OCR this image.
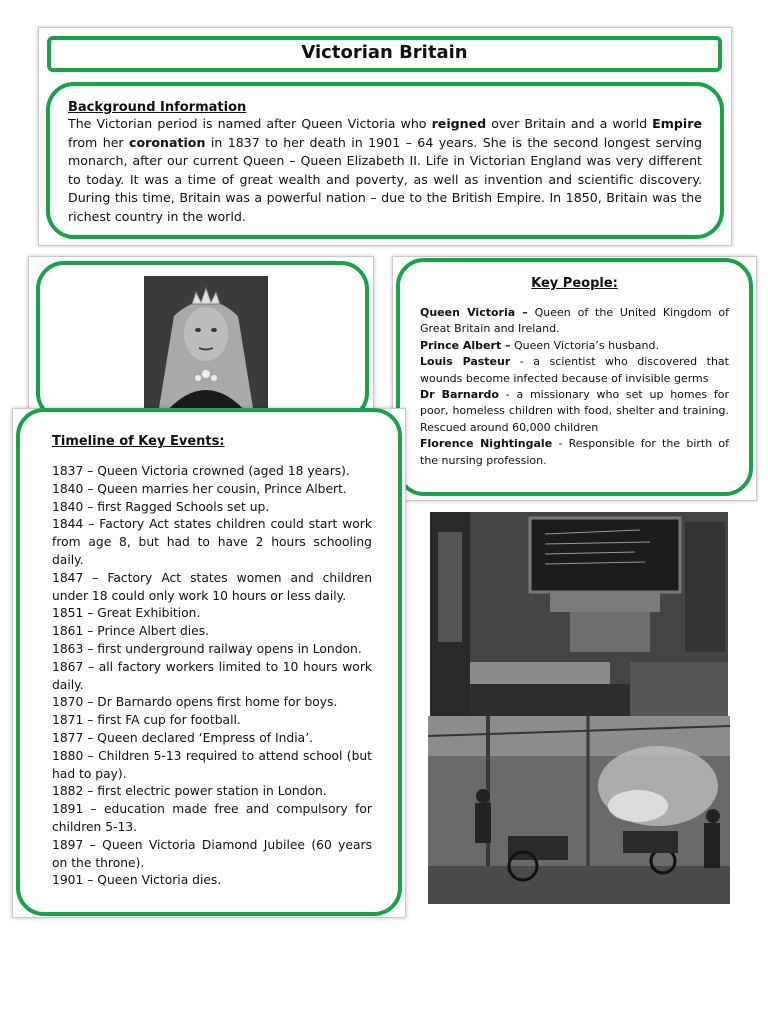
Victorian Britain
Background Information
The Victorian period is named after Queen Victoria who reigned over Britain and a world Empire from her coronation in 1837 to her death in 1901 – 64 years. She is the second longest serving monarch, after our current Queen – Queen Elizabeth II. Life in Victorian England was very different to today. It was a time of great wealth and poverty, as well as invention and scientific discovery. During this time, Britain was a powerful nation – due to the British Empire. In 1850, Britain was the richest country in the world.
Key People:
Queen Victoria – Queen of the United Kingdom of Great Britain and Ireland.
Prince Albert – Queen Victoria’s husband.
Louis Pasteur - a scientist who discovered that wounds become infected because of invisible germs
Dr Barnardo - a missionary who set up homes for poor, homeless children with food, shelter and training. Rescued around 60,000 children
Florence Nightingale - Responsible for the birth of the nursing profession.
Timeline of Key Events:
1837 – Queen Victoria crowned (aged 18 years).
1840 – Queen marries her cousin, Prince Albert.
1840 – first Ragged Schools set up.
1844 – Factory Act states children could start work from age 8, but had to have 2 hours schooling daily.
1847 – Factory Act states women and children under 18 could only work 10 hours or less daily.
1851 – Great Exhibition.
1861 – Prince Albert dies.
1863 – first underground railway opens in London.
1867 – all factory workers limited to 10 hours work daily.
1870 – Dr Barnardo opens first home for boys.
1871 – first FA cup for football.
1877 – Queen declared ‘Empress of India’.
1880 – Children 5-13 required to attend school (but had to pay).
1882 – first electric power station in London.
1891 – education made free and compulsory for children 5-13.
1897 – Queen Victoria Diamond Jubilee (60 years on the throne).
1901 – Queen Victoria dies.
